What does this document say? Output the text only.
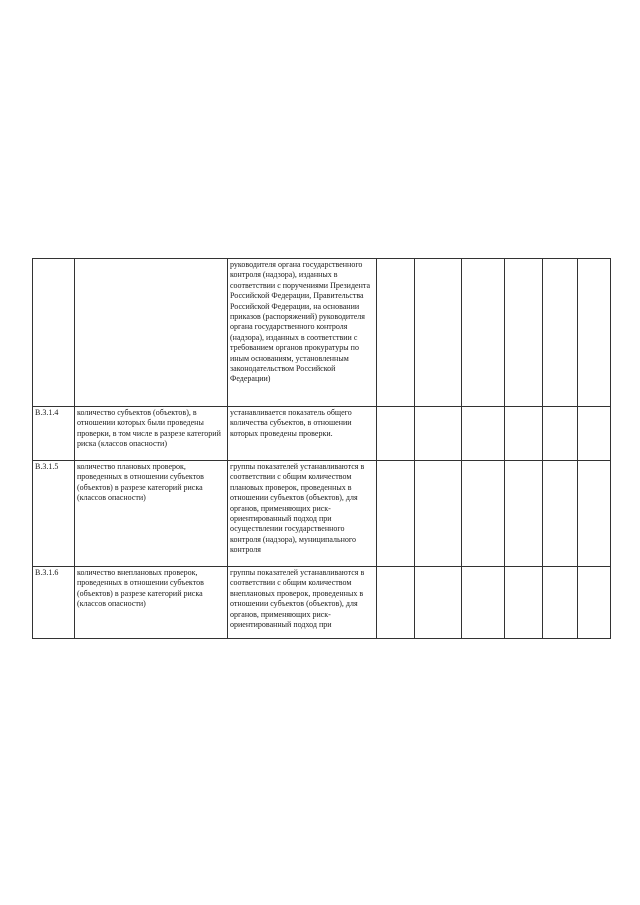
		руководителя органа государственного контроля (надзора), изданных в соответствии с поручениями Президента Российской Федерации, Правительства Российской Федерации, на основании приказов (распоряжений) руководителя органа государственного контроля (надзора), изданных в соответствии с требованием органов прокуратуры по иным основаниям, установленным законодательством Российской Федерации)						

В.3.1.4	количество субъектов (объектов), в отношении которых были проведены проверки, в том числе в разрезе категорий риска (классов опасности)	устанавливается показатель общего количества субъектов, в отношении которых проведены проверки.						

В.3.1.5	количество плановых проверок, проведенных в отношении субъектов (объектов) в разрезе категорий риска (классов опасности)	группы показателей устанавливаются в соответствии с общим количеством плановых проверок, проведенных в отношении субъектов (объектов), для органов, применяющих риск-ориентированный подход при осуществлении государственного контроля (надзора), муниципального контроля						

В.3.1.6	количество внеплановых проверок, проведенных в отношении субъектов (объектов) в разрезе категорий риска (классов опасности)	группы показателей устанавливаются в соответствии с общим количеством внеплановых проверок, проведенных в отношении субъектов (объектов), для органов, применяющих риск-ориентированный подход при						
